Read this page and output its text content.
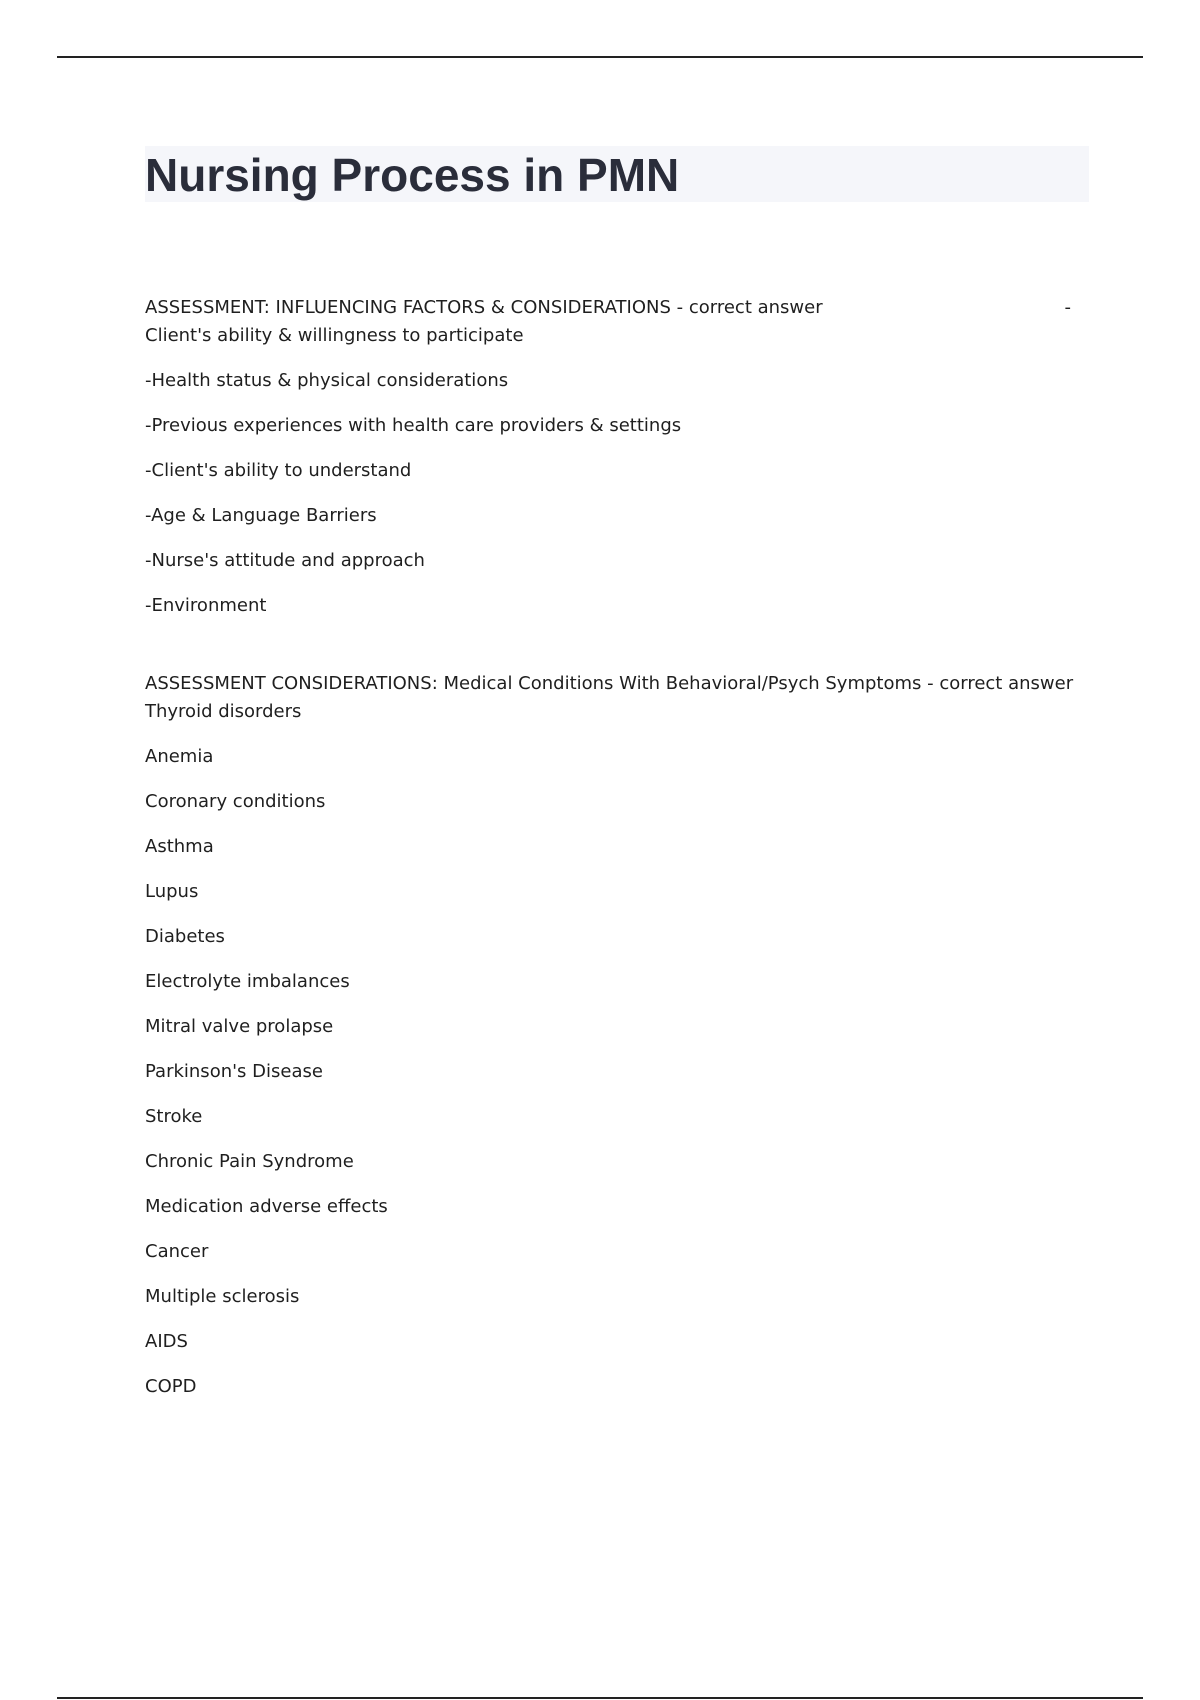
Nursing Process in PMN
ASSESSMENT: INFLUENCING FACTORS & CONSIDERATIONS - correct answer	-
Client's ability & willingness to participate
-Health status & physical considerations
-Previous experiences with health care providers & settings
-Client's ability to understand
-Age & Language Barriers
-Nurse's attitude and approach
-Environment
ASSESSMENT CONSIDERATIONS: Medical Conditions With Behavioral/Psych Symptoms - correct answer
Thyroid disorders
Anemia
Coronary conditions
Asthma
Lupus
Diabetes
Electrolyte imbalances
Mitral valve prolapse
Parkinson's Disease
Stroke
Chronic Pain Syndrome
Medication adverse effects
Cancer
Multiple sclerosis
AIDS
COPD
